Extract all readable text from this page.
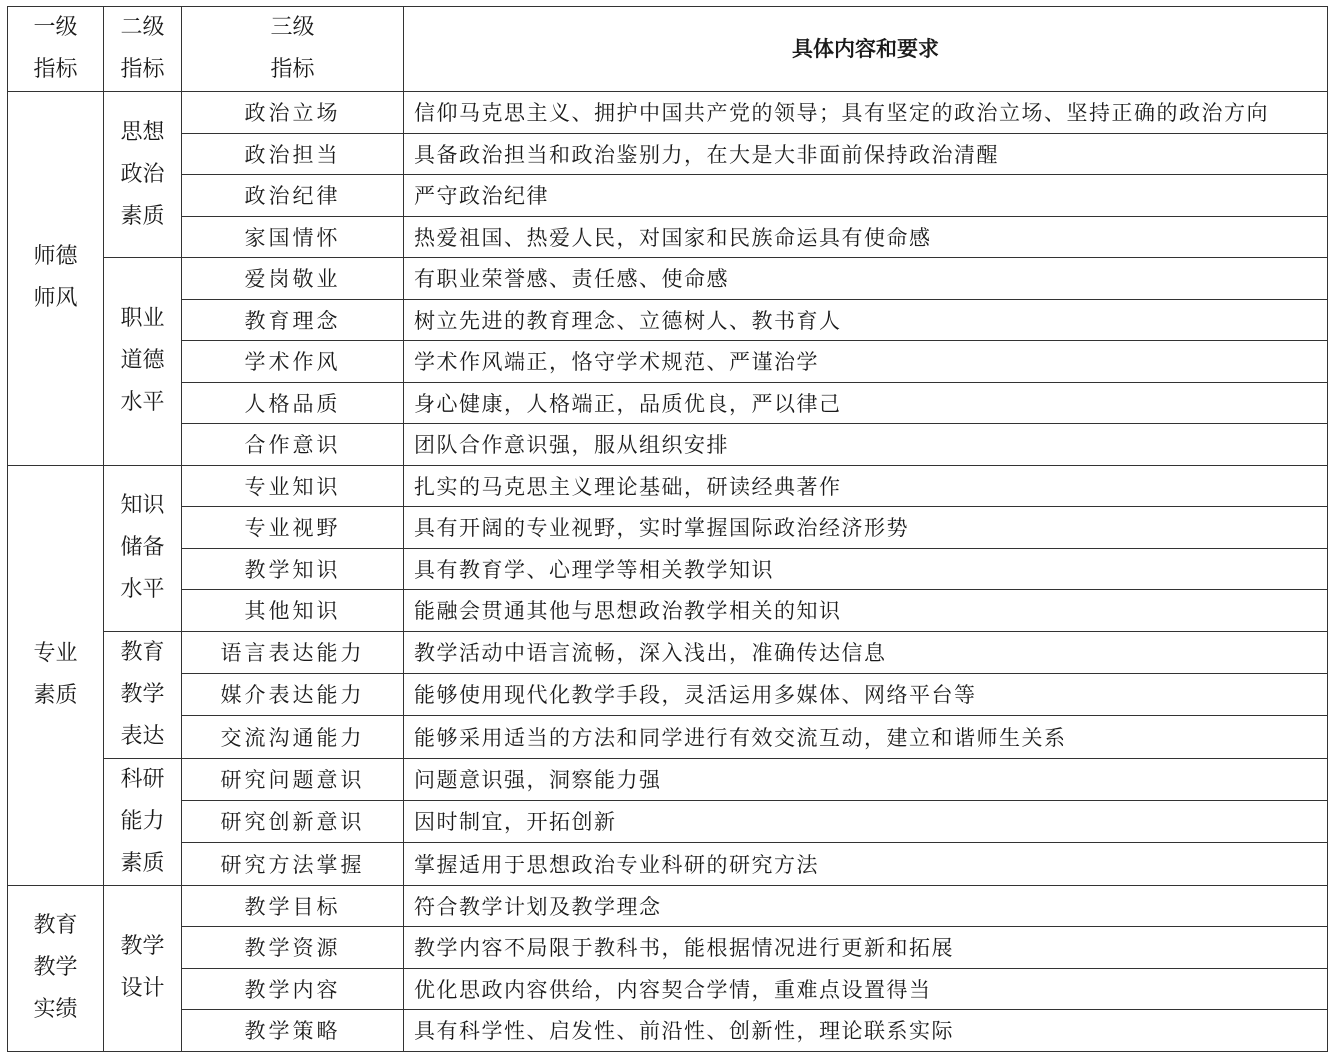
一级指标	二级指标	三级指标	具体内容和要求

师德师风	思想政治素质	政治立场	信仰马克思主义、拥护中国共产党的领导；具有坚定的政治立场、坚持正确的政治方向
		政治担当	具备政治担当和政治鉴别力，在大是大非面前保持政治清醒
		政治纪律	严守政治纪律
		家国情怀	热爱祖国、热爱人民，对国家和民族命运具有使命感

	职业道德水平	爱岗敬业	有职业荣誉感、责任感、使命感
		教育理念	树立先进的教育理念、立德树人、教书育人
		学术作风	学术作风端正，恪守学术规范、严谨治学
		人格品质	身心健康，人格端正，品质优良，严以律己
		合作意识	团队合作意识强，服从组织安排

专业素质	知识储备水平	专业知识	扎实的马克思主义理论基础，研读经典著作
		专业视野	具有开阔的专业视野，实时掌握国际政治经济形势
		教学知识	具有教育学、心理学等相关教学知识
		其他知识	能融会贯通其他与思想政治教学相关的知识

	教育教学表达	语言表达能力	教学活动中语言流畅，深入浅出，准确传达信息
		媒介表达能力	能够使用现代化教学手段，灵活运用多媒体、网络平台等
		交流沟通能力	能够采用适当的方法和同学进行有效交流互动，建立和谐师生关系

	科研能力素质	研究问题意识	问题意识强，洞察能力强
		研究创新意识	因时制宜，开拓创新
		研究方法掌握	掌握适用于思想政治专业科研的研究方法

教育教学实绩	教学设计	教学目标	符合教学计划及教学理念
		教学资源	教学内容不局限于教科书，能根据情况进行更新和拓展
		教学内容	优化思政内容供给，内容契合学情，重难点设置得当
		教学策略	具有科学性、启发性、前沿性、创新性，理论联系实际
